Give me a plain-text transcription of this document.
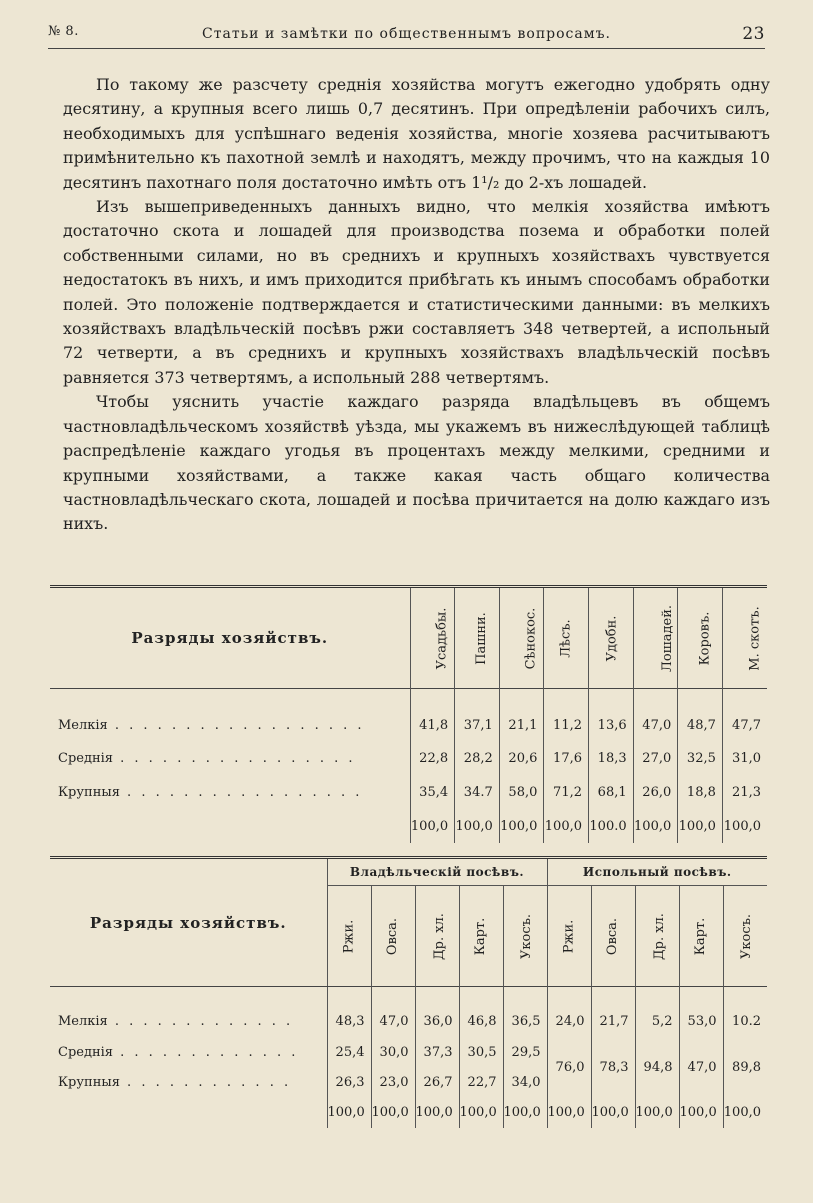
№ 8.	Статьи и замѣтки по общественнымъ вопросамъ.	23

По такому же разсчету среднія хозяйства могутъ ежегодно удобрять одну десятину, а крупныя всего лишь 0,7 десятинъ. При опредѣленіи рабочихъ силъ, необходимыхъ для успѣшнаго веденія хозяйства, многіе хозяева расчитываютъ примѣнительно къ пахотной землѣ и находятъ, между прочимъ, что на каждыя 10 десятинъ пахотнаго поля достаточно имѣть отъ 1¹/₂ до 2-хъ лошадей.

Изъ вышеприведенныхъ данныхъ видно, что мелкія хозяйства имѣютъ достаточно скота и лошадей для производства позема и обработки полей собственными силами, но въ среднихъ и крупныхъ хозяйствахъ чувствуется недостатокъ въ нихъ, и имъ приходится прибѣгать къ инымъ способамъ обработки полей. Это положеніе подтверждается и статистическими данными: въ мелкихъ хозяйствахъ владѣльческій посѣвъ ржи составляетъ 348 четвертей, а испольный 72 четверти, а въ среднихъ и крупныхъ хозяйствахъ владѣльческій посѣвъ равняется 373 четвертямъ, а испольный 288 четвертямъ.

Чтобы уяснить участіе каждаго разряда владѣльцевъ въ общемъ частновладѣльческомъ хозяйствѣ уѣзда, мы укажемъ въ нижеслѣдующей таблицѣ распредѣленіе каждаго угодья въ процентахъ между мелкими, средними и крупными хозяйствами, а также какая часть общаго количества частновладѣльческаго скота, лошадей и посѣва причитается на долю каждаго изъ нихъ.

Разряды хозяйствъ.	Усадьбы.	Пашни.	Сѣнокос.	Лѣсъ.	Удобн.	Лошадей.	Коровъ.	М. скотъ.

Мелкія . . . . . . . . . . . . . . . . . .	41,8	37,1	21,1	11,2	13,6	47,0	48,7	47,7
Среднія . . . . . . . . . . . . . . . . .	22,8	28,2	20,6	17,6	18,3	27,0	32,5	31,0
Крупныя . . . . . . . . . . . . . . . . .	35,4	34.7	58,0	71,2	68,1	26,0	18,8	21,3
	100,0	100,0	100,0	100,0	100.0	100,0	100,0	100,0
Разряды хозяйствъ.	Владѣльческій посѣвъ.					Испольный посѣвъ.				
	Ржи.	Овса.	Др. хл.	Карт.	Укосъ.	Ржи.	Овса.	Др. хл.	Карт.	Укосъ.

Мелкія . . . . . . . . . . . . .	48,3	47,0	36,0	46,8	36,5	24,0	21,7	5,2	53,0	10.2
Среднія . . . . . . . . . . . . .	25,4	30,0	37,3	30,5	29,5	76,0	78,3	94,8	47,0	89,8
Крупныя . . . . . . . . . . . .	26,3	23,0	26,7	22,7	34,0					
	100,0	100,0	100,0	100,0	100,0	100,0	100,0	100,0	100,0	100,0
